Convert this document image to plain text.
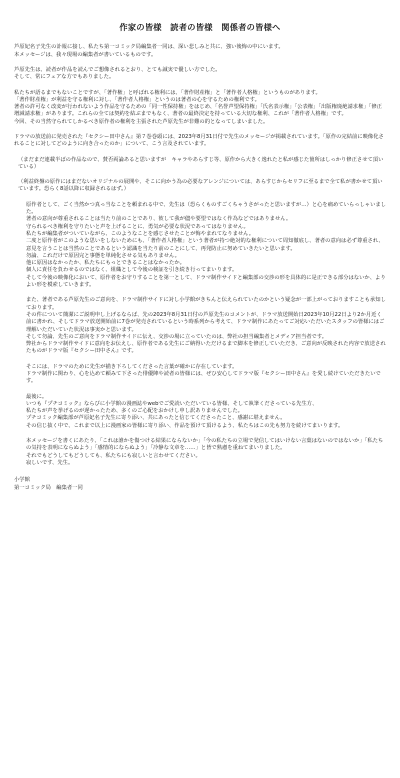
作家の皆様　読者の皆様　関係者の皆様へ

芦原妃名子先生の訃報に接し、私たち第一コミック局編集者一同は、深い悲しみと共に、強い後悔の中にいます。
本メッセージは、我々現場の編集者が書いているものです。

芦原先生は、読者が作品を読んでご想像されるとおり、とても誠実で優しい方でした。
そして、常にフェアな方でもありました。

私たちが語るまでもないことですが、「著作権」と呼ばれる権利には、「著作財産権」と「著作者人格権」というものがあります。
「著作財産権」が利益を守る権利に対し、「著作者人格権」というのは著者の心を守るための権利です。
著者の許可なく改変が行われないよう作品を守るための「同一性保持権」をはじめ、「名誉声望保持権」「氏名表示権」「公表権」「出版権廃絶請求権」「修正増減請求権」があります。これらの全ては契約を結ぶまでもなく、著者の最終決定を持っている大切な権利、これが「著作者人格権」です。
今回、その当然守られてしかるべき原作者の権利を主張された芦原先生が非難の的となってしまいました。

ドラマの放送前に発売された『セクシー田中さん』第７巻巻頭には、2023年8月31日付で先生のメッセージが掲載されています。「原作の完結前に映像化されることに対してどのように向き合ったのか」について、こう言及されています。

（まだまだ連載半ばの作品なので、賛否両論あると思いますが　キャラやあらすじ等、原作から大きく逸れたと私が感じた箇所はしっかり修正させて頂いている）

（利益終盤の原作にはまだないオリジナルの展開や、そこに向かう為の必要なアレンジについては、あらすじからセリフに至るまで全て私が書かせて頂いています。恐らく8話以降に収録されるはず。）

原作者として、ごく当然かつ真っ当なことを頼まれる中で、先生は（恐らくものすごくちゃうさがったと思いますが…）と心を痛めていらっしゃいました。
著者の意向が尊重されることは当たり前のことであり、彼して我が儘や要望ではなく作為などではありません。
守られるべき権利を守りたいと声を上げることに、勇気が必要な状況であってはなりません。
私たちが編集者がついていながら、このようなことを感じさせたことが悔やまれてなりません。
二度と原作者がこのような思いをしないためにも、「著作者人格権」という著者が持つ絶対的な権利について周知徹底し、著者の意向は必ず尊重され、意見を言うことは当然のことであるという認識を当たり前のことにして、再発防止に努めていきたいと思います。
勿論、これだけで原因完と事態を単純化させる気もありません。
他に原因はなかったか、私たちにもっとできることはなかったか。
個人に責任を負わせるのではなく、組織として今後の検証を引き続き行ってまいります。
そして今後の映像化において、原作者をお守りすることを第一として、ドラマ制作サイドと編集部の交渉の形を具体的に是正できる部分はないか、よりよい形を模索していきます。

また、著者である芦原先生のご意向を、ドラマ制作サイドに対し小学館がきちんと伝えられていたのかという疑念が一部上がっておりますことも承知しております。
その件について簡潔にご説明申し上げるならば、先の2023年8月31日付の芦原先生のコメントが、ドラマ放送開始日2023年10月22日より2か月近く前に書かれ、そしてドラマ放送開始前に7巻が発売されているという時系列から考えて、ドラマ制作にあたってご対応いただいたスタッフの皆様にはご理解いただいていた状況は事実かと思います。
そして勿論、先生のご意向をドラマ制作サイドに伝え、交渉の場に立っていたのは、弊社の担当編集者とメディア担当者です。
弊社からドラマ制作サイドに意向をお伝えし、原作者である先生にご納得いただけるまで脚本を修正していただき、ご意向が反映された内容で放送されたものがドラマ版『セクシー田中さん』です。

そこには、ドラマのために先生が描き下ろしてくださった言葉が確かに存在しています。
ドラマ制作に関わり、心を込めて頼みて下さった俳優陣や読者の皆様には、ぜひ安心してドラマ版『セクシー田中さん』を愛し続けていただきたいです。

最後に。
いつも『プチコミック』ならびに小学館の漫画誌やwebでご愛読いただいている皆様、そして執筆くださっている先生方、
私たちが声を挙げるのが遅かったため、多くのご心配をおかけし申し訳ありませんでした。
プチコミック編集部が芦原妃名子先生に寄り添い、共にあったと信じてくださったこと、感謝に堪えません。
その信じ抜く中で、これまで以上に漫画家の皆様に寄り添い、作品を預けて頂けるよう、私たちはこの先も努力を続けてまいります。

本メッセージを書くにあたり、「これは誰かを傷つける結果にならないか」「今の私たちの立場で発信してはいけない言葉はないのではないか」「私たちの気持を表明にならぬよう」「感情的にならぬよう」「冷静な文章を……」と皆で熟慮を重ねてまいりました。
それでもどうしてもどうしても、私たちにも寂しいと言わせてください。
寂しいです、先生。

小学館

第一コミック局　編集者一同
